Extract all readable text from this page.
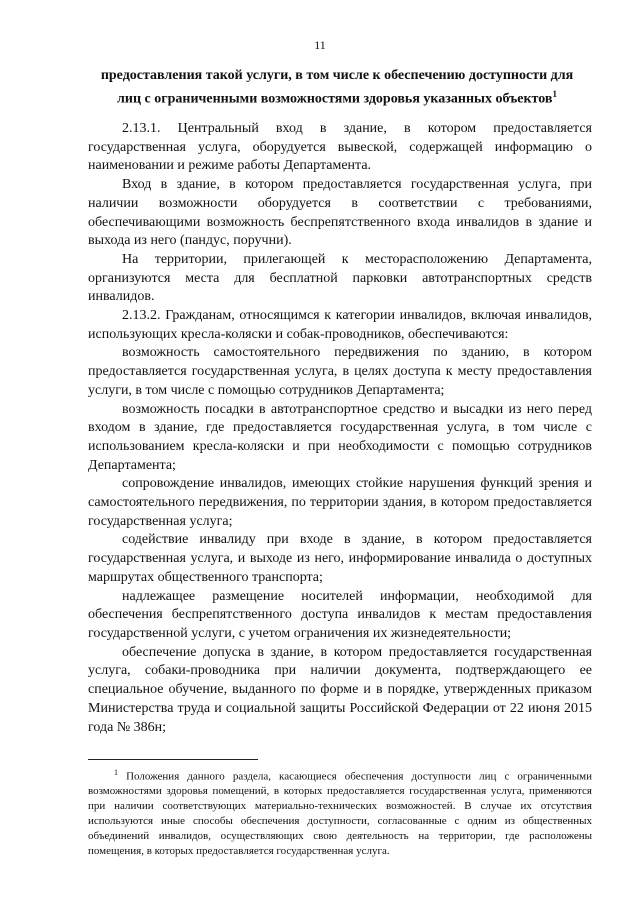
11
предоставления такой услуги, в том числе к обеспечению доступности для лиц с ограниченными возможностями здоровья указанных объектов$^1$

2.13.1. Центральный вход в здание, в котором предоставляется государственная услуга, оборудуется вывеской, содержащей информацию о наименовании и режиме работы Департамента.

Вход в здание, в котором предоставляется государственная услуга, при наличии возможности оборудуется в соответствии с требованиями, обеспечивающими возможность беспрепятственного входа инвалидов в здание и выхода из него (пандус, поручни).

На территории, прилегающей к месторасположению Департамента, организуются места для бесплатной парковки автотранспортных средств инвалидов.

2.13.2. Гражданам, относящимся к категории инвалидов, включая инвалидов, использующих кресла-коляски и собак-проводников, обеспечиваются:

возможность самостоятельного передвижения по зданию, в котором предоставляется государственная услуга, в целях доступа к месту предоставления услуги, в том числе с помощью сотрудников Департамента;

возможность посадки в автотранспортное средство и высадки из него перед входом в здание, где предоставляется государственная услуга, в том числе с использованием кресла-коляски и при необходимости с помощью сотрудников Департамента;

сопровождение инвалидов, имеющих стойкие нарушения функций зрения и самостоятельного передвижения, по территории здания, в котором предоставляется государственная услуга;

содействие инвалиду при входе в здание, в котором предоставляется государственная услуга, и выходе из него, информирование инвалида о доступных маршрутах общественного транспорта;

надлежащее размещение носителей информации, необходимой для обеспечения беспрепятственного доступа инвалидов к местам предоставления государственной услуги, с учетом ограничения их жизнедеятельности;

обеспечение допуска в здание, в котором предоставляется государственная услуга, собаки-проводника при наличии документа, подтверждающего ее специальное обучение, выданного по форме и в порядке, утвержденных приказом Министерства труда и социальной защиты Российской Федерации от 22 июня 2015 года № 386н;

$^1$ Положения данного раздела, касающиеся обеспечения доступности лиц с ограниченными возможностями здоровья помещений, в которых предоставляется государственная услуга, применяются при наличии соответствующих материально-технических возможностей. В случае их отсутствия используются иные способы обеспечения доступности, согласованные с одним из общественных объединений инвалидов, осуществляющих свою деятельность на территории, где расположены помещения, в которых предоставляется государственная услуга.
